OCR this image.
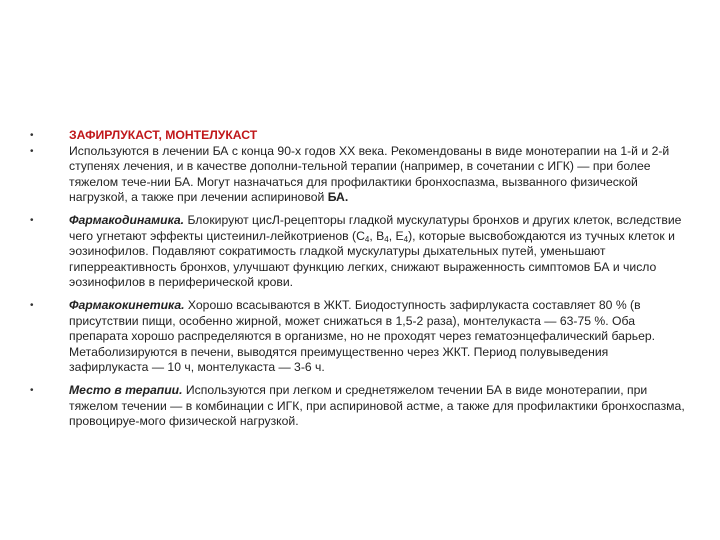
•	ЗАФИРЛУКАСТ, МОНТЕЛУКАСТ
•	Используются в лечении БА с конца 90-х годов XX века. Рекомендованы в виде монотерапии на 1-й и 2-й ступенях лечения, и в качестве дополни-тельной терапии (например, в сочетании с ИГК) — при более тяжелом тече-нии БА. Могут назначаться для профилактики бронхоспазма, вызванного физической нагрузкой, а также при лечении аспириновой БА.
•	Фармакодинамика. Блокируют цисЛ-рецепторы гладкой мускулатуры бронхов и других клеток, вследствие чего угнетают эффекты цистеинил-лейкотриенов ($C_4$, $B_4$, $E_4$), которые высвобождаются из тучных клеток и эозинофилов. Подавляют сократимость гладкой мускулатуры дыхательных путей, уменьшают гиперреактивность бронхов, улучшают функцию легких, снижают выраженность симптомов БА и число эозинофилов в периферической крови.
•	Фармакокинетика. Хорошо всасываются в ЖКТ. Биодоступность зафирлукаста составляет 80 % (в присутствии пищи, особенно жирной, может снижаться в 1,5-2 раза), монтелукаста — 63-75 %. Оба препарата хорошо распределяются в организме, но не проходят через гематоэнцефалический барьер. Метаболизируются в печени, выводятся преимущественно через ЖКТ. Период полувыведения зафирлукаста — 10 ч, монтелукаста — 3-6 ч.
•	Место в терапии. Используются при легком и среднетяжелом течении БА в виде монотерапии, при тяжелом течении — в комбинации с ИГК, при аспириновой астме, а также для профилактики бронхоспазма, провоцируе-мого физической нагрузкой.
